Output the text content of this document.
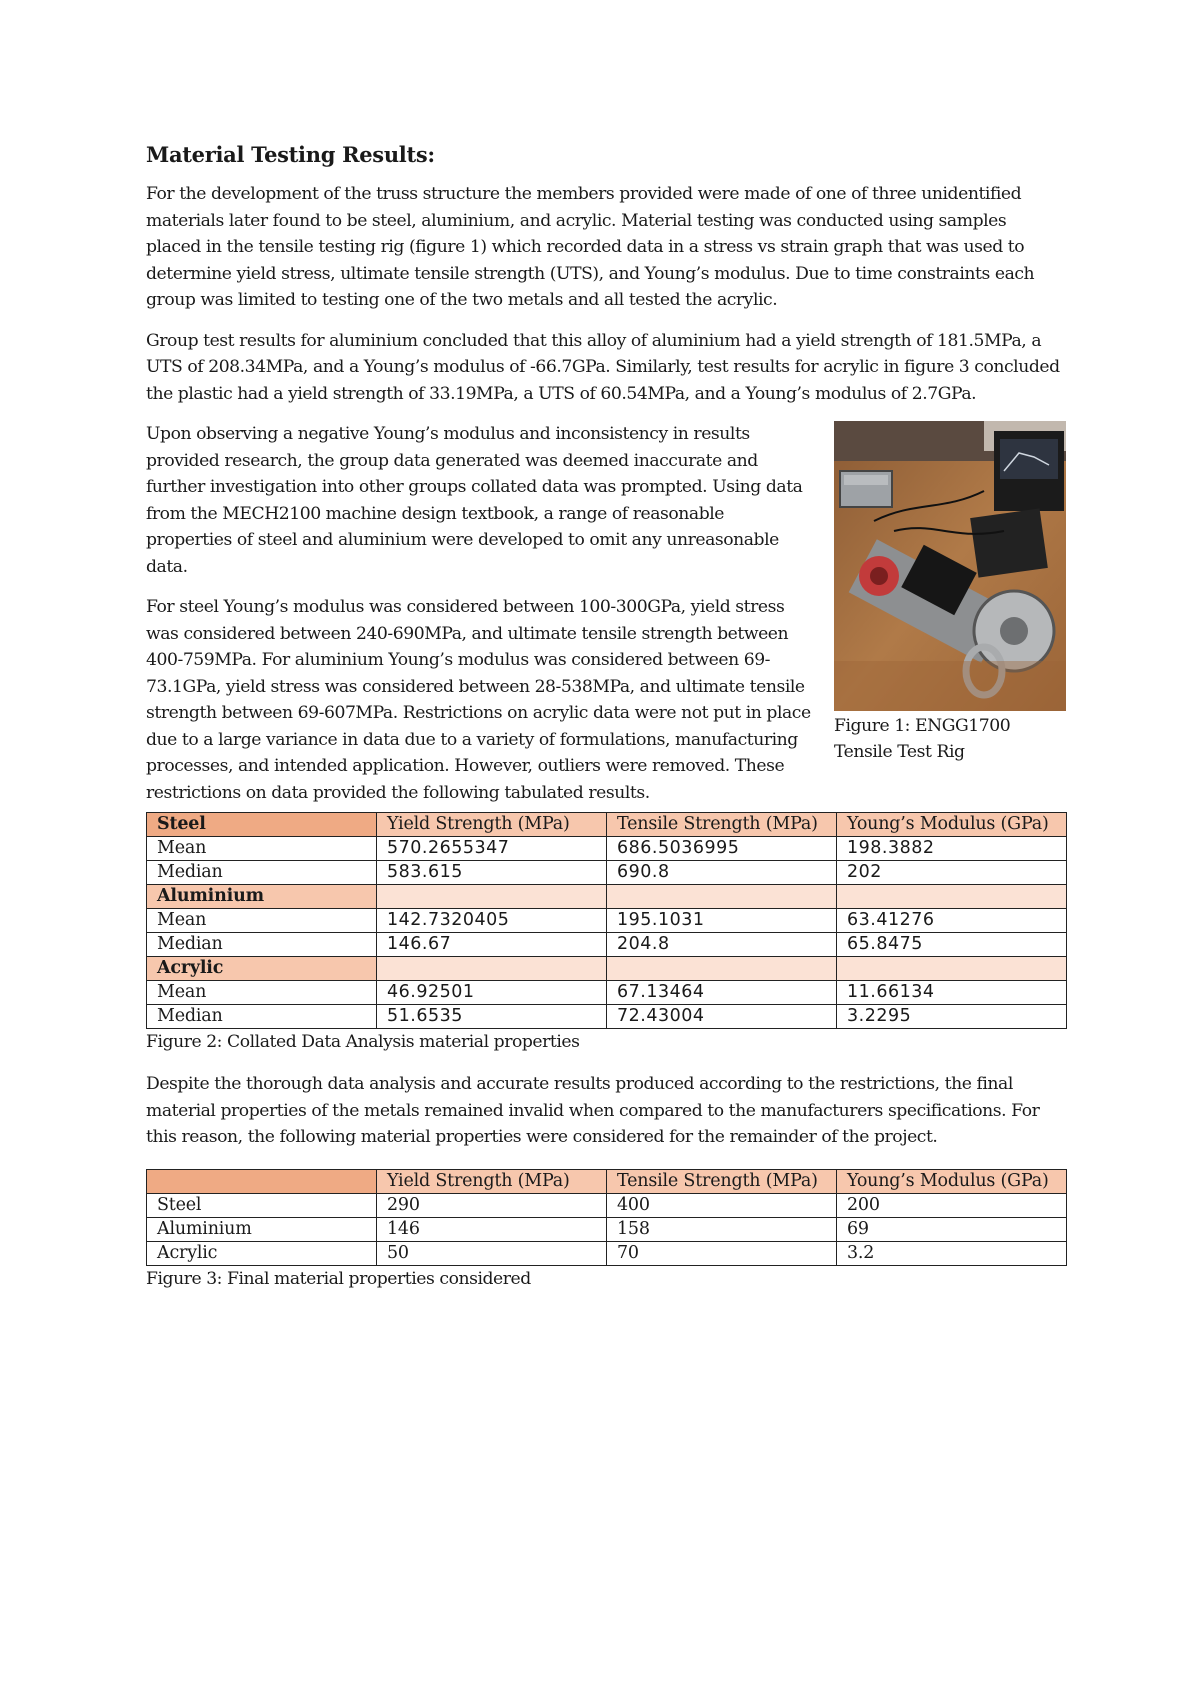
Material Testing Results:

For the development of the truss structure the members provided were made of one of three unidentified materials later found to be steel, aluminium, and acrylic. Material testing was conducted using samples placed in the tensile testing rig (figure 1) which recorded data in a stress vs strain graph that was used to determine yield stress, ultimate tensile strength (UTS), and Young’s modulus. Due to time constraints each group was limited to testing one of the two metals and all tested the acrylic.

Group test results for aluminium concluded that this alloy of aluminium had a yield strength of 181.5MPa, a UTS of 208.34MPa, and a Young’s modulus of -66.7GPa. Similarly, test results for acrylic in figure 3 concluded the plastic had a yield strength of 33.19MPa, a UTS of 60.54MPa, and a Young’s modulus of 2.7GPa.

Upon observing a negative Young’s modulus and inconsistency in results provided research, the group data generated was deemed inaccurate and further investigation into other groups collated data was prompted. Using data from the MECH2100 machine design textbook, a range of reasonable properties of steel and aluminium were developed to omit any unreasonable data.

For steel Young’s modulus was considered between 100-300GPa, yield stress was considered between 240-690MPa, and ultimate tensile strength between 400-759MPa. For aluminium Young’s modulus was considered between 69-73.1GPa, yield stress was considered between 28-538MPa, and ultimate tensile strength between 69-607MPa. Restrictions on acrylic data were not put in place due to a large variance in data due to a variety of formulations, manufacturing processes, and intended application. However, outliers were removed. These restrictions on data provided the following tabulated results.

Figure 1: ENGG1700 Tensile Test Rig
Steel	Yield Strength (MPa)	Tensile Strength (MPa)	Young’s Modulus (GPa)
Mean	570.2655347	686.5036995	198.3882
Median	583.615	690.8	202
Aluminium			
Mean	142.7320405	195.1031	63.41276
Median	146.67	204.8	65.8475
Acrylic			
Mean	46.92501	67.13464	11.66134
Median	51.6535	72.43004	3.2295
Figure 2: Collated Data Analysis material properties

Despite the thorough data analysis and accurate results produced according to the restrictions, the final material properties of the metals remained invalid when compared to the manufacturers specifications. For this reason, the following material properties were considered for the remainder of the project.

	Yield Strength (MPa)	Tensile Strength (MPa)	Young’s Modulus (GPa)
Steel	290	400	200
Aluminium	146	158	69
Acrylic	50	70	3.2
Figure 3: Final material properties considered
